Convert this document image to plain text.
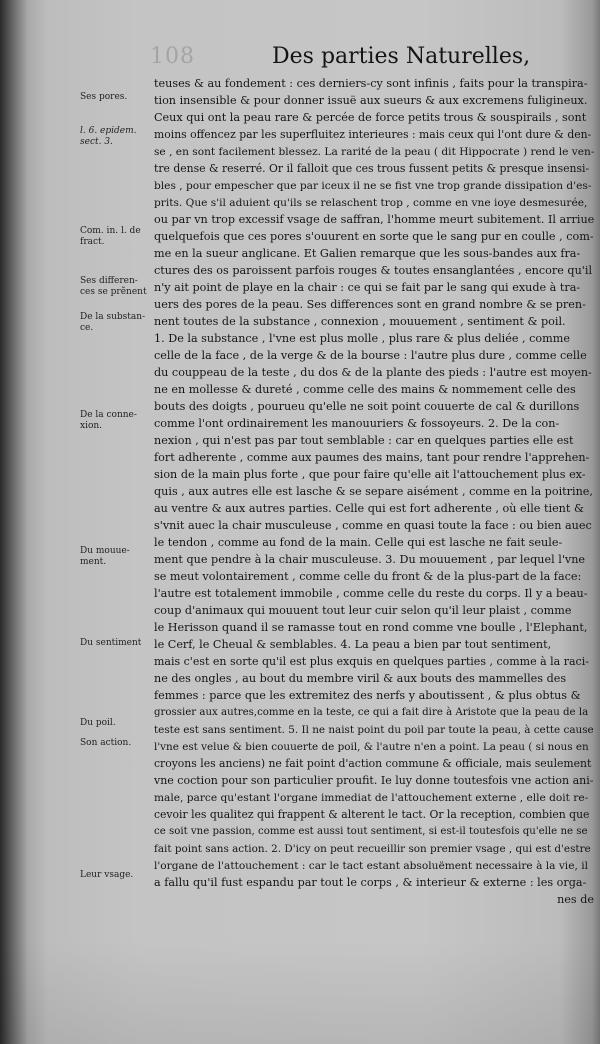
108	Des parties Naturelles,
Ses pores.
l. 6. epidem.
sect. 3.
Com. in. l. de
fract.
Ses differen-
ces se prẽnent
De la substan-
ce.
De la conne-
xion.
Du mouue-
ment.
Du sentiment
Du poil.
Son action.
Leur vsage.
teuses & au fondement : ces derniers-cy sont infinis , faits pour la transpira-
tion insensible & pour donner issuë aux sueurs & aux excremens fuligineux.
Ceux qui ont la peau rare & percée de force petits trous & souspirails , sont
moins offencez par les superfluitez interieures : mais ceux qui l'ont dure & den-
se , en sont facilement blessez. La rarité de la peau ( dit Hippocrate ) rend le ven-
tre dense & reserré. Or il falloit que ces trous fussent petits & presque insensi-
bles , pour empescher que par iceux il ne se fist vne trop grande dissipation d'es-
prits. Que s'il aduient qu'ils se relaschent trop , comme en vne ioye desmesurée,
ou par vn trop excessif vsage de saffran, l'homme meurt subitement. Il arriue
quelquefois que ces pores s'ouurent en sorte que le sang pur en coulle , com-
me en la sueur anglicane. Et Galien remarque que les sous-bandes aux fra-
ctures des os paroissent parfois rouges & toutes ensanglantées , encore qu'il
n'y ait point de playe en la chair : ce qui se fait par le sang qui exude à tra-
uers des pores de la peau. Ses differences sont en grand nombre & se pren-
nent toutes de la substance , connexion , mouuement , sentiment & poil.
1. De la substance , l'vne est plus molle , plus rare & plus deliée , comme
celle de la face , de la verge & de la bourse : l'autre plus dure , comme celle
du couppeau de la teste , du dos & de la plante des pieds : l'autre est moyen-
ne en mollesse & dureté , comme celle des mains & nommement celle des
bouts des doigts , pourueu qu'elle ne soit point couuerte de cal & durillons
comme l'ont ordinairement les manouuriers & fossoyeurs. 2. De la con-
nexion , qui n'est pas par tout semblable : car en quelques parties elle est
fort adherente , comme aux paumes des mains, tant pour rendre l'apprehen-
sion de la main plus forte , que pour faire qu'elle ait l'attouchement plus ex-
quis , aux autres elle est lasche & se separe aisément , comme en la poitrine,
au ventre & aux autres parties. Celle qui est fort adherente , où elle tient &
s'vnit auec la chair musculeuse , comme en quasi toute la face : ou bien auec
le tendon , comme au fond de la main. Celle qui est lasche ne fait seule-
ment que pendre à la chair musculeuse. 3. Du mouuement , par lequel l'vne
se meut volontairement , comme celle du front & de la plus-part de la face:
l'autre est totalement immobile , comme celle du reste du corps. Il y a beau-
coup d'animaux qui mouuent tout leur cuir selon qu'il leur plaist , comme
le Herisson quand il se ramasse tout en rond comme vne boulle , l'Elephant,
le Cerf, le Cheual & semblables. 4. La peau a bien par tout sentiment,
mais c'est en sorte qu'il est plus exquis en quelques parties , comme à la raci-
ne des ongles , au bout du membre viril & aux bouts des mammelles des
femmes : parce que les extremitez des nerfs y aboutissent , & plus obtus &
grossier aux autres,comme en la teste, ce qui a fait dire à Aristote que la peau de la
teste est sans sentiment. 5. Il ne naist point du poil par toute la peau, à cette cause
l'vne est velue & bien couuerte de poil, & l'autre n'en a point. La peau ( si nous en
croyons les anciens) ne fait point d'action commune & officiale, mais seulement
vne coction pour son particulier proufit. Ie luy donne toutesfois vne action ani-
male, parce qu'estant l'organe immediat de l'attouchement externe , elle doit re-
cevoir les qualitez qui frappent & alterent le tact. Or la reception, combien que
ce soit vne passion, comme est aussi tout sentiment, si est-il toutesfois qu'elle ne se
fait point sans action. 2. D'icy on peut recueillir son premier vsage , qui est d'estre
l'organe de l'attouchement : car le tact estant absoluëment necessaire à la vie, il
a fallu qu'il fust espandu par tout le corps , & interieur & externe : les orga-
nes de
